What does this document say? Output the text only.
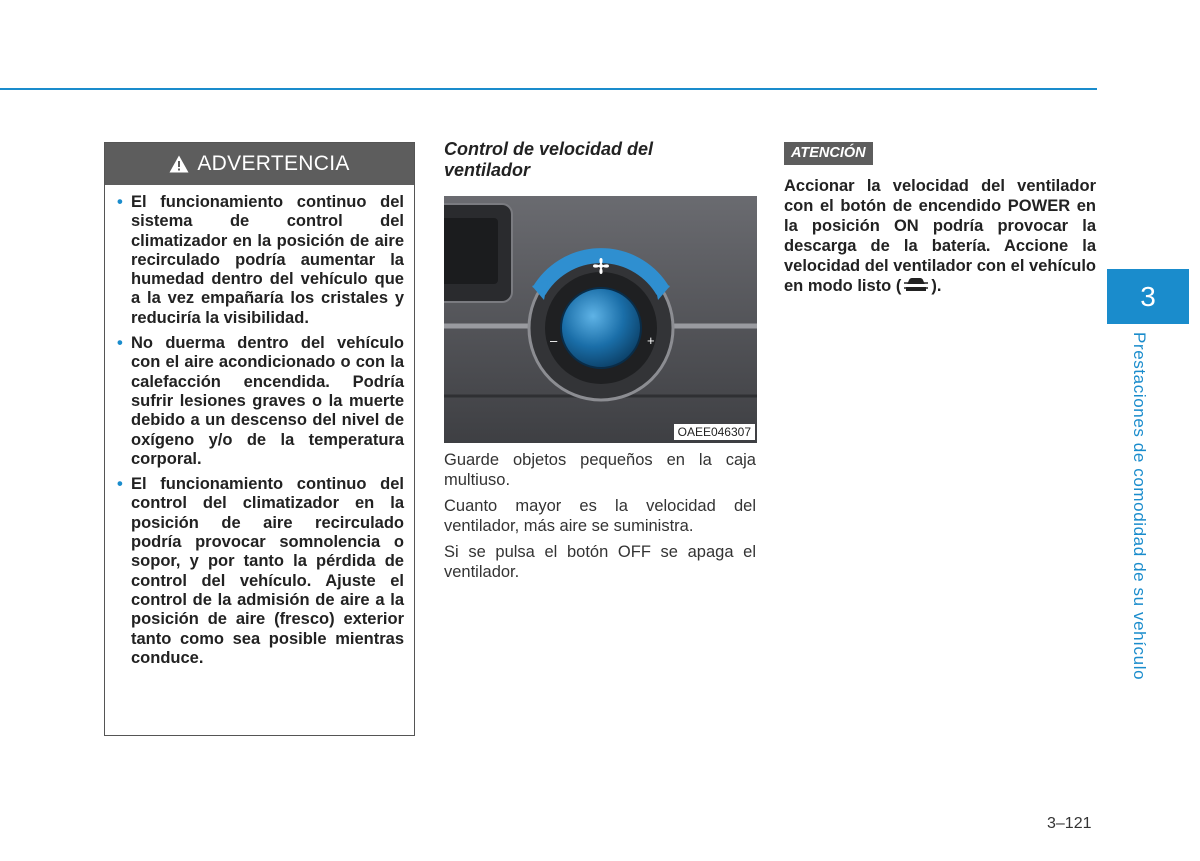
ADVERTENCIA
• El funcionamiento continuo del sistema de control del climatizador en la posición de aire recirculado podría aumentar la humedad dentro del vehículo que a la vez empañaría los cristales y reduciría la visibilidad.
• No duerma dentro del vehículo con el aire acondicionado o con la calefacción encendida. Podría sufrir lesiones graves o la muerte debido a un descenso del nivel de oxígeno y/o de la temperatura corporal.
• El funcionamiento continuo del control del climatizador en la posición de aire recirculado podría provocar somnolencia o sopor, y por tanto la pérdida de control del vehículo. Ajuste el control de la admisión de aire a la posición de aire (fresco) exterior tanto como sea posible mientras conduce.
Control de velocidad del ventilador
–	+
OAEE046307

Guarde objetos pequeños en la caja multiuso.

Cuanto mayor es la velocidad del ventilador, más aire se suministra.

Si se pulsa el botón OFF se apaga el ventilador.

ATENCIÓN
Accionar la velocidad del ventilador con el botón de encendido POWER en la posición ON podría provocar la descarga de la batería. Accione la velocidad del ventilador con el vehículo en modo listo ( ).	3
Prestaciones de comodidad de su vehículo
3–121
